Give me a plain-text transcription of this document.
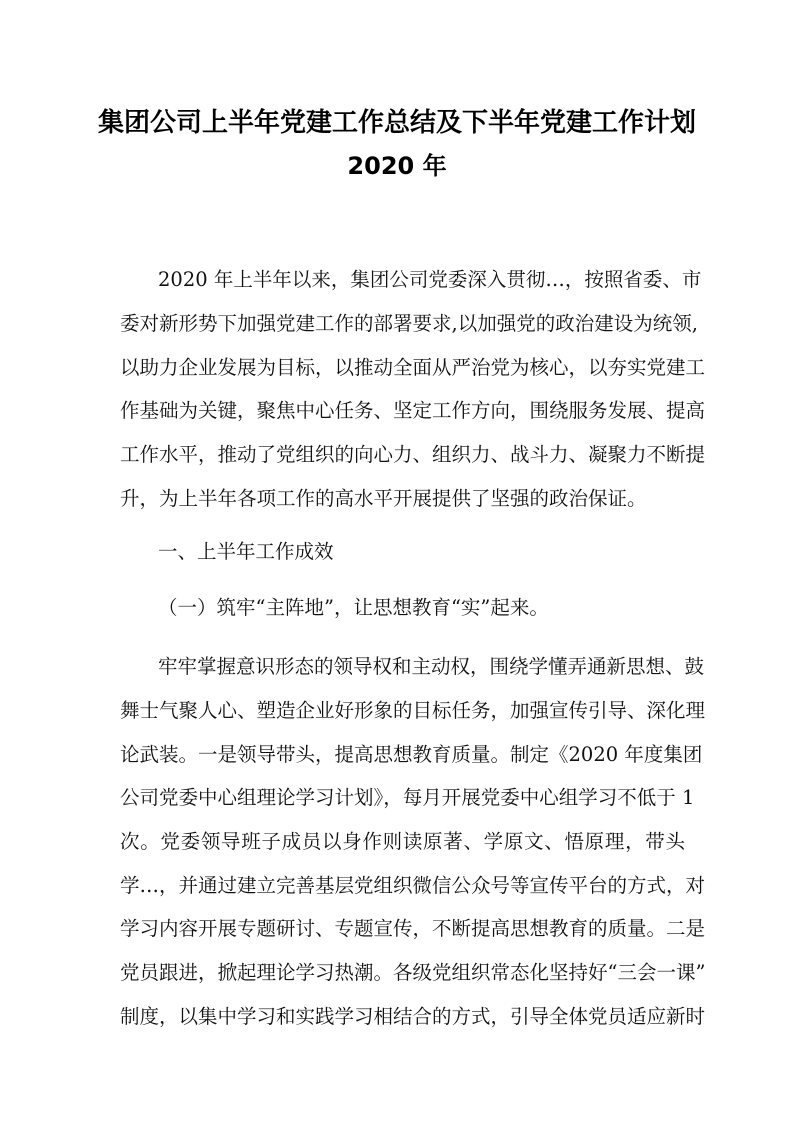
集团公司上半年党建工作总结及下半年党建工作计划
2020 年
2020 年上半年以来，集团公司党委深入贯彻…，按照省委、市
委对新形势下加强党建工作的部署要求,以加强党的政治建设为统领,
以助力企业发展为目标，以推动全面从严治党为核心，以夯实党建工
作基础为关键，聚焦中心任务、坚定工作方向，围绕服务发展、提高
工作水平，推动了党组织的向心力、组织力、战斗力、凝聚力不断提
升，为上半年各项工作的高水平开展提供了坚强的政治保证。
一、上半年工作成效
（一）筑牢“主阵地”，让思想教育“实”起来。
牢牢掌握意识形态的领导权和主动权，围绕学懂弄通新思想、鼓
舞士气聚人心、塑造企业好形象的目标任务，加强宣传引导、深化理
论武装。一是领导带头，提高思想教育质量。制定《2020 年度集团
公司党委中心组理论学习计划》，每月开展党委中心组学习不低于 1
次。党委领导班子成员以身作则读原著、学原文、悟原理，带头
学…，并通过建立完善基层党组织微信公众号等宣传平台的方式，对
学习内容开展专题研讨、专题宣传，不断提高思想教育的质量。二是
党员跟进，掀起理论学习热潮。各级党组织常态化坚持好“三会一课”
制度，以集中学习和实践学习相结合的方式，引导全体党员适应新时
